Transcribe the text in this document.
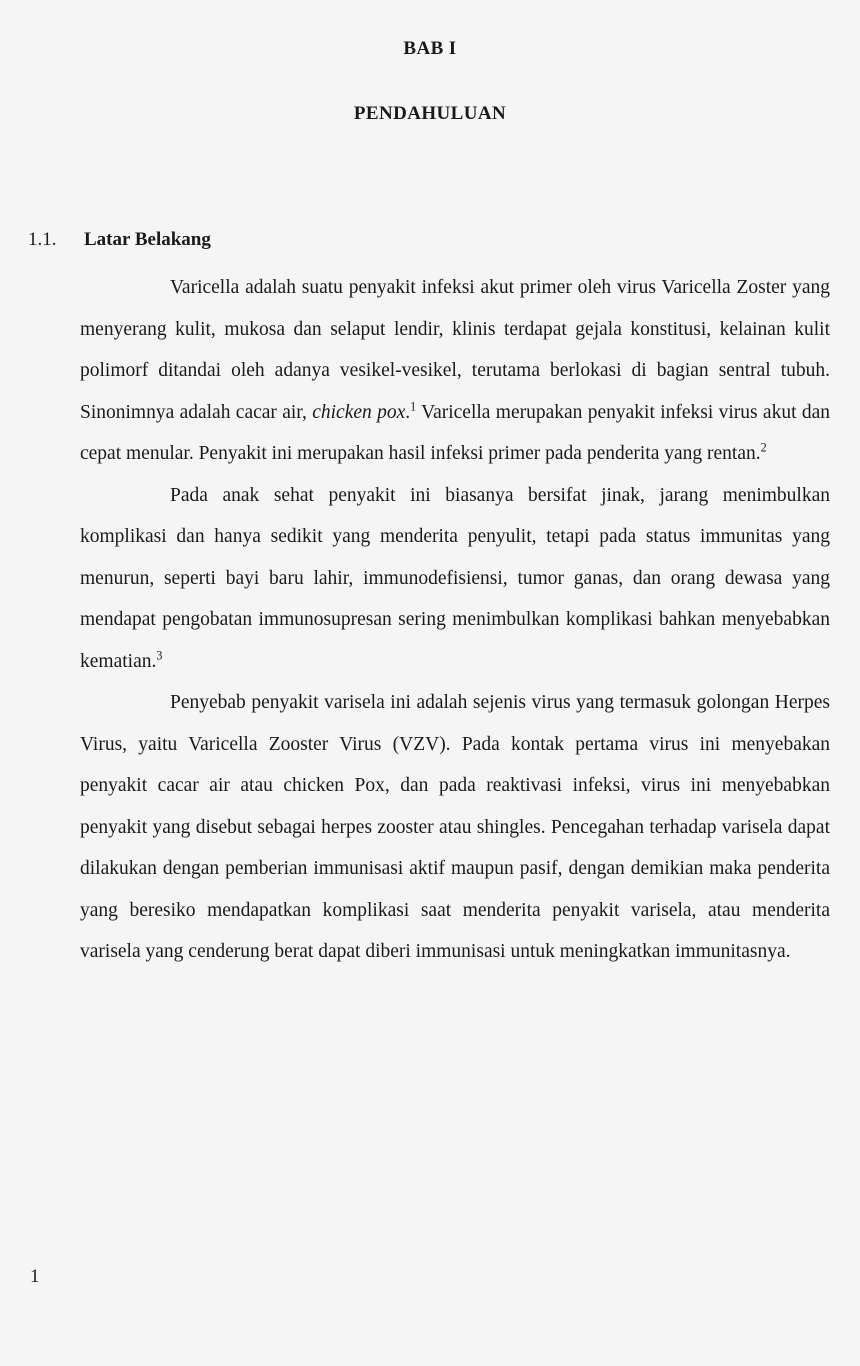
BAB I
PENDAHULUAN
1.1.	Latar Belakang

Varicella adalah suatu penyakit infeksi akut primer oleh virus Varicella Zoster yang menyerang kulit, mukosa dan selaput lendir, klinis terdapat gejala konstitusi, kelainan kulit polimorf ditandai oleh adanya vesikel-vesikel, terutama berlokasi di bagian sentral tubuh. Sinonimnya adalah cacar air, chicken pox.$^1$ Varicella merupakan penyakit infeksi virus akut dan cepat menular. Penyakit ini merupakan hasil infeksi primer pada penderita yang rentan.$^2$

Pada anak sehat penyakit ini biasanya bersifat jinak, jarang menimbulkan komplikasi dan hanya sedikit yang menderita penyulit, tetapi pada status immunitas yang menurun, seperti bayi baru lahir, immunodefisiensi, tumor ganas, dan orang dewasa yang mendapat pengobatan immunosupresan sering menimbulkan komplikasi bahkan menyebabkan kematian.$^3$

Penyebab penyakit varisela ini adalah sejenis virus yang termasuk golongan Herpes Virus, yaitu Varicella Zooster Virus (VZV). Pada kontak pertama virus ini menyebakan penyakit cacar air atau chicken Pox, dan pada reaktivasi infeksi, virus ini menyebabkan penyakit yang disebut sebagai herpes zooster atau shingles. Pencegahan terhadap varisela dapat dilakukan dengan pemberian immunisasi aktif maupun pasif, dengan demikian maka penderita yang beresiko mendapatkan komplikasi saat menderita penyakit varisela, atau menderita varisela yang cenderung berat dapat diberi immunisasi untuk meningkatkan immunitasnya.

1
